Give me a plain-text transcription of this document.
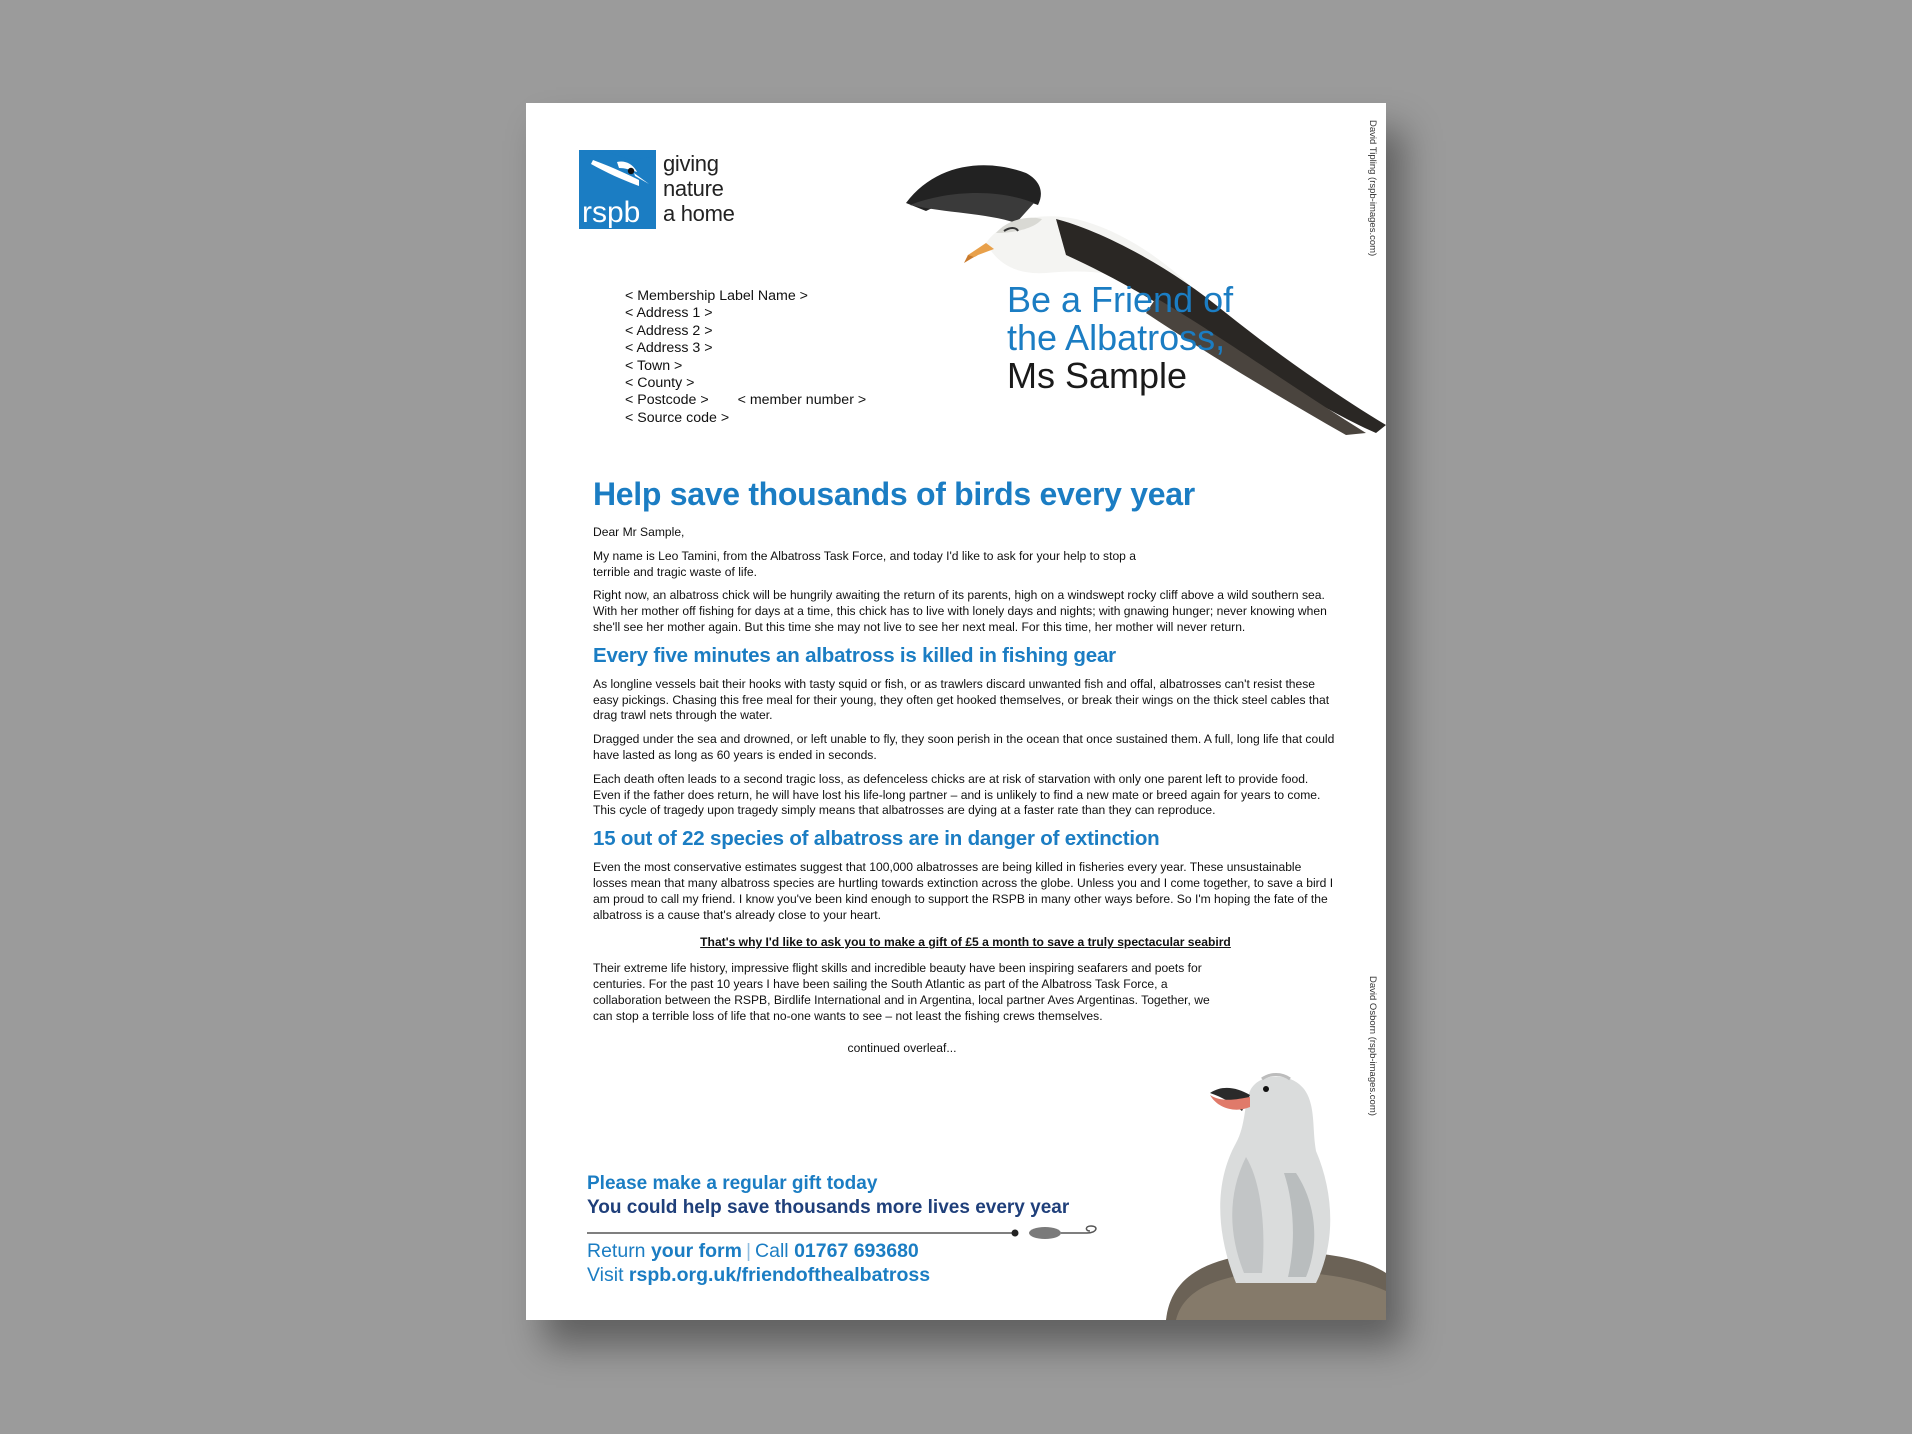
rspb
giving
nature
a home	David Tipling (rspb-images.com)
David Osborn (rspb-images.com)
< Membership Label Name >
< Address 1 >
< Address 2 >
< Address 3 >
< Town >
< County >
< Postcode > < member number >
< Source code >
Be a Friend of
the Albatross,
Ms Sample
Help save thousands of birds every year

Dear Mr Sample,

My name is Leo Tamini, from the Albatross Task Force, and today I'd like to ask for your help to stop a terrible and tragic waste of life.

Right now, an albatross chick will be hungrily awaiting the return of its parents, high on a windswept rocky cliff above a wild southern sea. With her mother off fishing for days at a time, this chick has to live with lonely days and nights; with gnawing hunger; never knowing when she'll see her mother again. But this time she may not live to see her next meal. For this time, her mother will never return.

Every five minutes an albatross is killed in fishing gear

As longline vessels bait their hooks with tasty squid or fish, or as trawlers discard unwanted fish and offal, albatrosses can't resist these easy pickings. Chasing this free meal for their young, they often get hooked themselves, or break their wings on the thick steel cables that drag trawl nets through the water.

Dragged under the sea and drowned, or left unable to fly, they soon perish in the ocean that once sustained them. A full, long life that could have lasted as long as 60 years is ended in seconds.

Each death often leads to a second tragic loss, as defenceless chicks are at risk of starvation with only one parent left to provide food. Even if the father does return, he will have lost his life-long partner – and is unlikely to find a new mate or breed again for years to come. This cycle of tragedy upon tragedy simply means that albatrosses are dying at a faster rate than they can reproduce.

15 out of 22 species of albatross are in danger of extinction

Even the most conservative estimates suggest that 100,000 albatrosses are being killed in fisheries every year. These unsustainable losses mean that many albatross species are hurtling towards extinction across the globe. Unless you and I come together, to save a bird I am proud to call my friend. I know you've been kind enough to support the RSPB in many other ways before. So I'm hoping the fate of the albatross is a cause that's already close to your heart.

That's why I'd like to ask you to make a gift of £5 a month to save a truly spectacular seabird

Their extreme life history, impressive flight skills and incredible beauty have been inspiring seafarers and poets for centuries. For the past 10 years I have been sailing the South Atlantic as part of the Albatross Task Force, a collaboration between the RSPB, Birdlife International and in Argentina, local partner Aves Argentinas. Together, we can stop a terrible loss of life that no-one wants to see – not least the fishing crews themselves.

continued overleaf...
Please make a regular gift today
You could help save thousands more lives every year
Return your form | Call 01767 693680
Visit rspb.org.uk/friendofthealbatross
